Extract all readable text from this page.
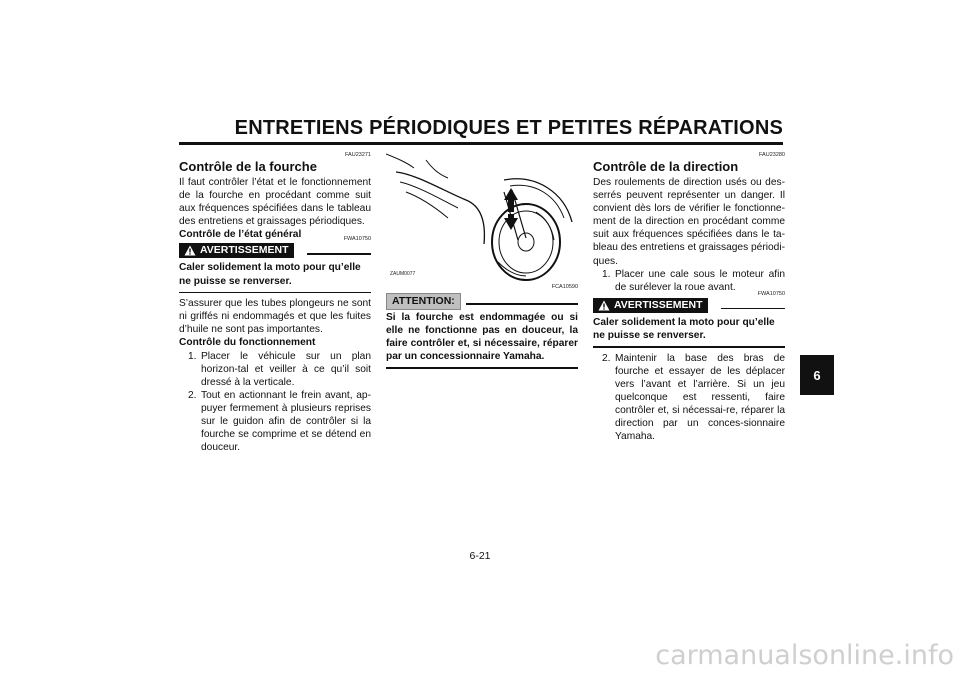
ENTRETIENS PÉRIODIQUES ET PETITES RÉPARATIONS
FAU23271
Contrôle de la fourche

Il faut contrôler l’état et le fonctionnement de la fourche en procédant comme suit aux fréquences spécifiées dans le tableau des entretiens et graissages périodiques.

Contrôle de l’état général
AVERTISSEMENT
FWA10750

Caler solidement la moto pour qu’elle ne puisse se renverser.

S’assurer que les tubes plongeurs ne sont ni griffés ni endommagés et que les fuites d’huile ne sont pas importantes.

Contrôle du fonctionnement
1. Placer le véhicule sur un plan horizon-tal et veiller à ce qu’il soit dressé à la verticale.
2. Tout en actionnant le frein avant, ap-puyer fermement à plusieurs reprises sur le guidon afin de contrôler si la fourche se comprime et se détend en douceur.
ZAUM0077
FCA10590
ATTENTION:

Si la fourche est endommagée ou si elle ne fonctionne pas en douceur, la faire contrôler et, si nécessaire, réparer par un concessionnaire Yamaha.

FAU23280
Contrôle de la direction

Des roulements de direction usés ou des-serrés peuvent représenter un danger. Il convient dès lors de vérifier le fonctionne-ment de la direction en procédant comme suit aux fréquences spécifiées dans le ta-bleau des entretiens et graissages périodi-ques.

1. Placer une cale sous le moteur afin de surélever la roue avant.
AVERTISSEMENT
FWA10750

Caler solidement la moto pour qu’elle ne puisse se renverser.

2. Maintenir la base des bras de fourche et essayer de les déplacer vers l’avant et l’arrière. Si un jeu quelconque est ressenti, faire contrôler et, si nécessai-re, réparer la direction par un conces-sionnaire Yamaha.
6-21
6
carmanualsonline.info
